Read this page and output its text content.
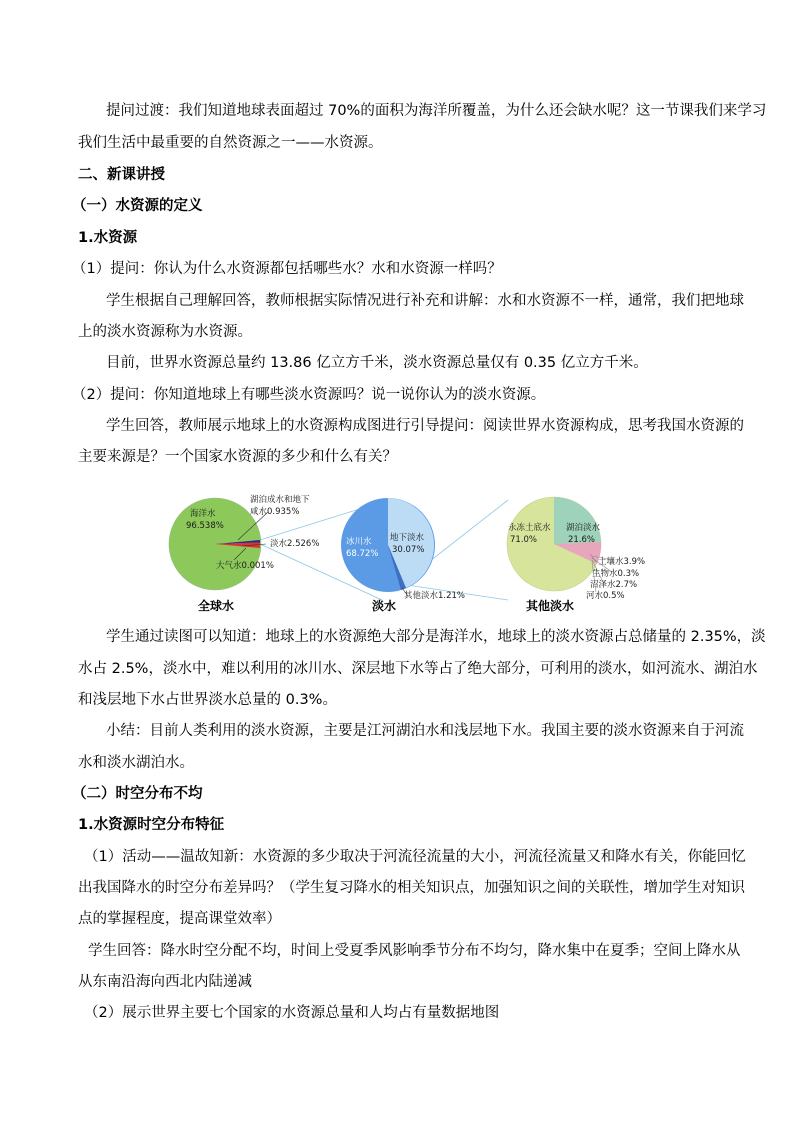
提问过渡：我们知道地球表面超过 70%的面积为海洋所覆盖，为什么还会缺水呢？这一节课我们来学习
我们生活中最重要的自然资源之一——水资源。
二、新课讲授
（一）水资源的定义
1.水资源
（1）提问：你认为什么水资源都包括哪些水？水和水资源一样吗？
学生根据自己理解回答，教师根据实际情况进行补充和讲解：水和水资源不一样，通常，我们把地球
上的淡水资源称为水资源。
目前，世界水资源总量约 13.86 亿立方千米，淡水资源总量仅有 0.35 亿立方千米。
（2）提问：你知道地球上有哪些淡水资源吗？说一说你认为的淡水资源。
学生回答，教师展示地球上的水资源构成图进行引导提问：阅读世界水资源构成，思考我国水资源的
主要来源是？一个国家水资源的多少和什么有关？
海洋水
96.538%
湖泊成水和地下
咸水0.935%
淡水2.526%
大气水0.001%
全球水
冰川水
68.72%
地下淡水
30.07%
其他淡水1.21%
淡水
永冻土底水
71.0%
湖泊淡水
21.6%
土壤水3.9%
生物水0.3%
沼泽水2.7%
河水0.5%
其他淡水
学生通过读图可以知道：地球上的水资源绝大部分是海洋水，地球上的淡水资源占总储量的 2.35%，淡
水占 2.5%，淡水中，难以利用的冰川水、深层地下水等占了绝大部分，可利用的淡水，如河流水、湖泊水
和浅层地下水占世界淡水总量的 0.3%。
小结：目前人类利用的淡水资源，主要是江河湖泊水和浅层地下水。我国主要的淡水资源来自于河流
水和淡水湖泊水。
（二）时空分布不均
1.水资源时空分布特征
（1）活动——温故知新：水资源的多少取决于河流径流量的大小，河流径流量又和降水有关，你能回忆
出我国降水的时空分布差异吗？（学生复习降水的相关知识点，加强知识之间的关联性，增加学生对知识
点的掌握程度，提高课堂效率）
学生回答：降水时空分配不均，时间上受夏季风影响季节分布不均匀，降水集中在夏季；空间上降水从
从东南沿海向西北内陆递减
（2）展示世界主要七个国家的水资源总量和人均占有量数据地图
